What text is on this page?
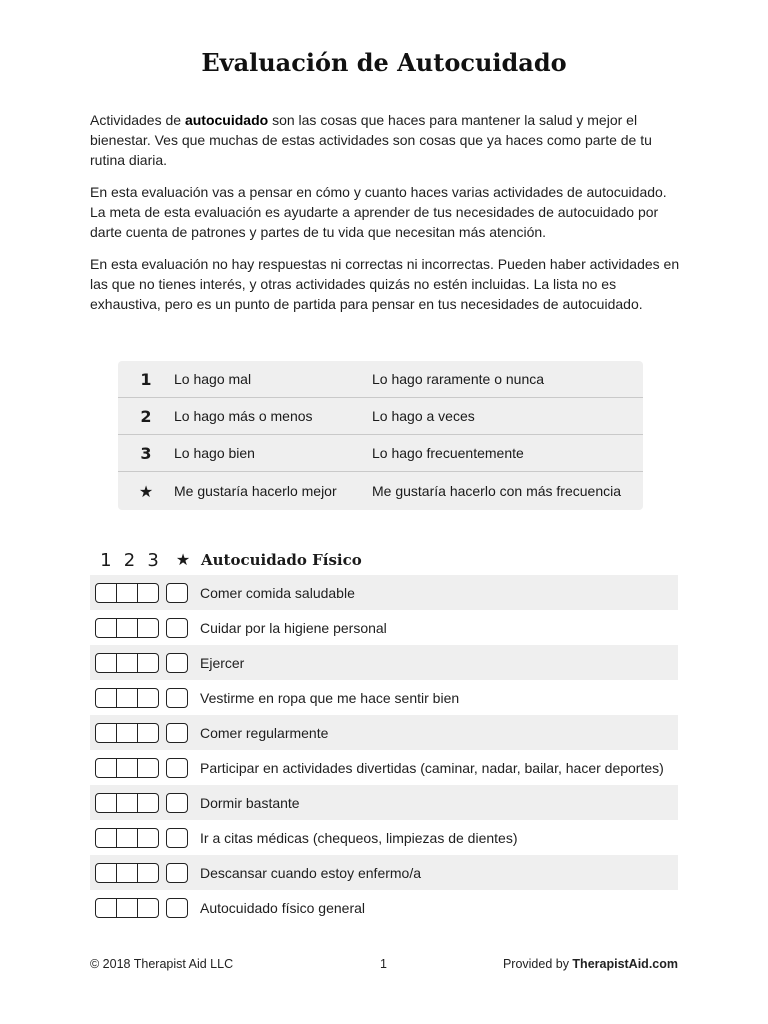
Evaluación de Autocuidado

Actividades de autocuidado son las cosas que haces para mantener la salud y mejor el bienestar. Ves que muchas de estas actividades son cosas que ya haces como parte de tu rutina diaria.

En esta evaluación vas a pensar en cómo y cuanto haces varias actividades de autocuidado. La meta de esta evaluación es ayudarte a aprender de tus necesidades de autocuidado por darte cuenta de patrones y partes de tu vida que necesitan más atención.

En esta evaluación no hay respuestas ni correctas ni incorrectas. Pueden haber actividades en las que no tienes interés, y otras actividades quizás no estén incluidas. La lista no es exhaustiva, pero es un punto de partida para pensar en tus necesidades de autocuidado.

1	Lo hago mal	Lo hago raramente o nunca
2	Lo hago más o menos	Lo hago a veces
3	Lo hago bien	Lo hago frecuentemente
★	Me gustaría hacerlo mejor	Me gustaría hacerlo con más frecuencia
1 2 3	★ Autocuidado Físico
Comer comida saludable
Cuidar por la higiene personal
Ejercer
Vestirme en ropa que me hace sentir bien
Comer regularmente
Participar en actividades divertidas (caminar, nadar, bailar, hacer deportes)
Dormir bastante
Ir a citas médicas (chequeos, limpiezas de dientes)
Descansar cuando estoy enfermo/a
Autocuidado físico general
© 2018 Therapist Aid LLC	1	Provided by TherapistAid.com
